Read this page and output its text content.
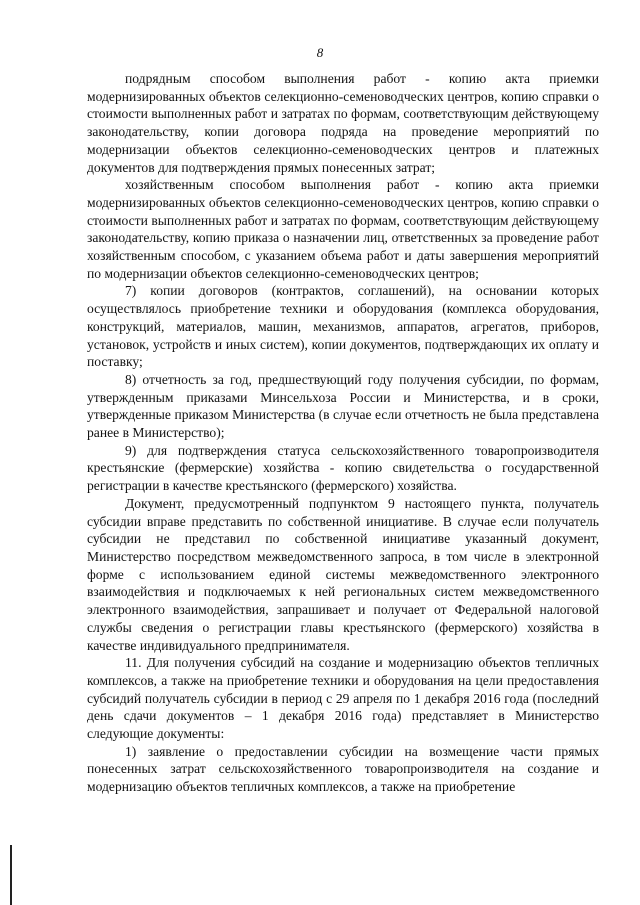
8

подрядным способом выполнения работ - копию акта приемки модернизированных объектов селекционно-семеноводческих центров, копию справки о стоимости выполненных работ и затратах по формам, соответствующим действующему законодательству, копии договора подряда на проведение мероприятий по модернизации объектов селекционно-семеноводческих центров и платежных документов для подтверждения прямых понесенных затрат;

хозяйственным способом выполнения работ - копию акта приемки модернизированных объектов селекционно-семеноводческих центров, копию справки о стоимости выполненных работ и затратах по формам, соответствующим действующему законодательству, копию приказа о назначении лиц, ответственных за проведение работ хозяйственным способом, с указанием объема работ и даты завершения мероприятий по модернизации объектов селекционно-семеноводческих центров;

7) копии договоров (контрактов, соглашений), на основании которых осуществлялось приобретение техники и оборудования (комплекса оборудования, конструкций, материалов, машин, механизмов, аппаратов, агрегатов, приборов, установок, устройств и иных систем), копии документов, подтверждающих их оплату и поставку;

8) отчетность за год, предшествующий году получения субсидии, по формам, утвержденным приказами Минсельхоза России и Министерства, и в сроки, утвержденные приказом Министерства (в случае если отчетность не была представлена ранее в Министерство);

9) для подтверждения статуса сельскохозяйственного товаропроизводителя крестьянские (фермерские) хозяйства - копию свидетельства о государственной регистрации в качестве крестьянского (фермерского) хозяйства.

Документ, предусмотренный подпунктом 9 настоящего пункта, получатель субсидии вправе представить по собственной инициативе. В случае если получатель субсидии не представил по собственной инициативе указанный документ, Министерство посредством межведомственного запроса, в том числе в электронной форме с использованием единой системы межведомственного электронного взаимодействия и подключаемых к ней региональных систем межведомственного электронного взаимодействия, запрашивает и получает от Федеральной налоговой службы сведения о регистрации главы крестьянского (фермерского) хозяйства в качестве индивидуального предпринимателя.

11. Для получения субсидий на создание и модернизацию объектов тепличных комплексов, а также на приобретение техники и оборудования на цели предоставления субсидий получатель субсидии в период с 29 апреля по 1 декабря 2016 года (последний день сдачи документов – 1 декабря 2016 года) представляет в Министерство следующие документы:

1) заявление о предоставлении субсидии на возмещение части прямых понесенных затрат сельскохозяйственного товаропроизводителя на создание и модернизацию объектов тепличных комплексов, а также на приобретение
